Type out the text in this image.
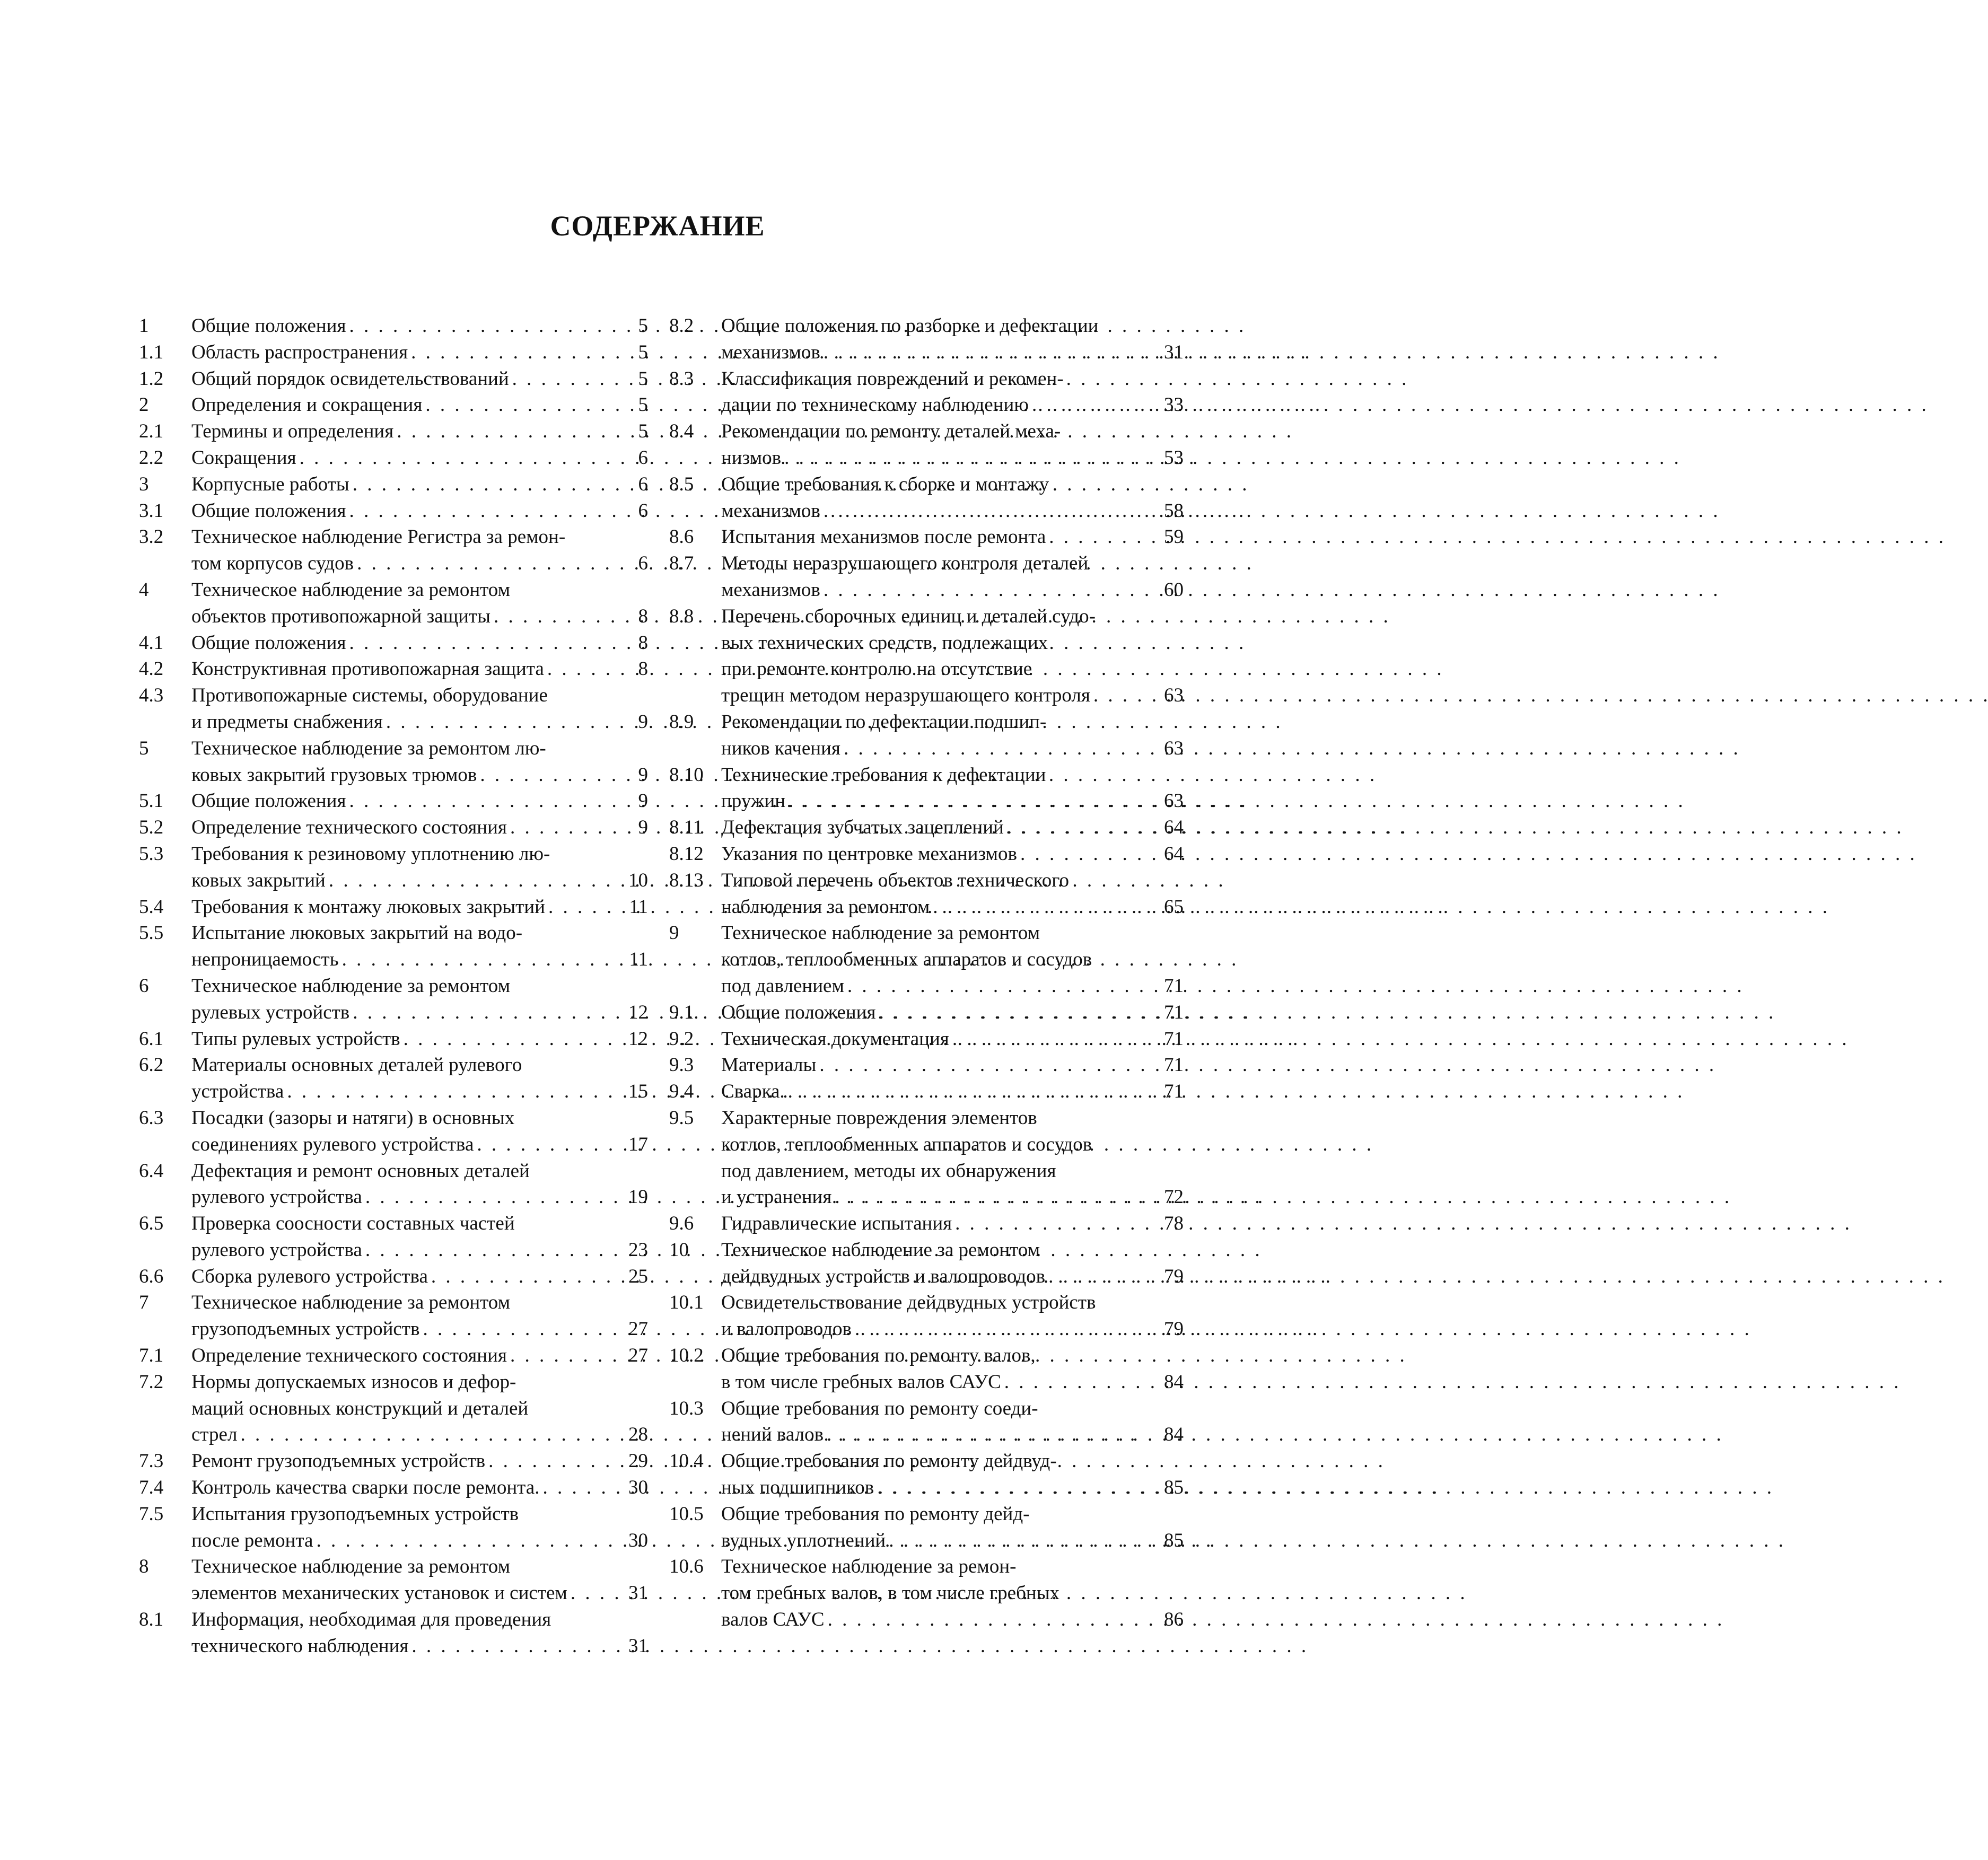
СОДЕРЖАНИЕ
1 Общие положения . . .	5
1.1 Область распространения . . .	5
1.2 Общий порядок освидетельствований . . .	5
2 Определения и сокращения . . .	5
2.1 Термины и определения . . .	5
2.2 Сокращения . . .	6
3 Корпусные работы . . .	6
3.1 Общие положения . . .	6
3.2 Техническое наблюдение Регистра за ремон-
том корпусов судов . . .	6
4 Техническое наблюдение за ремонтом
объектов противопожарной защиты . . .	8
4.1 Общие положения . . .	8
4.2 Конструктивная противопожарная защита . . .	8
4.3 Противопожарные системы, оборудование
и предметы снабжения . . .	9
5 Техническое наблюдение за ремонтом лю-
ковых закрытий грузовых трюмов . . .	9
5.1 Общие положения . . .	9
5.2 Определение технического состояния . . .	9
5.3 Требования к резиновому уплотнению лю-
ковых закрытий . . .	10
5.4 Требования к монтажу люковых закрытий . . .	11
5.5 Испытание люковых закрытий на водо-
непроницаемость . . .	11
6 Техническое наблюдение за ремонтом
рулевых устройств . . .	12
6.1 Типы рулевых устройств . . .	12
6.2 Материалы основных деталей рулевого
устройства . . .	15
6.3 Посадки (зазоры и натяги) в основных
соединениях рулевого устройства . . .	17
6.4 Дефектация и ремонт основных деталей
рулевого устройства . . .	19
6.5 Проверка соосности составных частей
рулевого устройства . . .	23
6.6 Сборка рулевого устройства . . .	25
7 Техническое наблюдение за ремонтом
грузоподъемных устройств . . .	27
7.1 Определение технического состояния . . .	27
7.2 Нормы допускаемых износов и дефор-
маций основных конструкций и деталей
стрел . . .	28
7.3 Ремонт грузоподъемных устройств . . .	29
7.4 Контроль качества сварки после ремонта. . . .	30
7.5 Испытания грузоподъемных устройств
после ремонта . . .	30
8 Техническое наблюдение за ремонтом
элементов механических установок и систем . . .	31
8.1 Информация, необходимая для проведения
технического наблюдения . . .	31
8.2 Общие положения по разборке и дефектации
механизмов . . .	31
8.3 Классификация повреждений и рекомен-
дации по техническому наблюдению . . .	33
8.4 Рекомендации по ремонту деталей меха-
низмов . . .	53
8.5 Общие требования к сборке и монтажу
механизмов . . .	58
8.6 Испытания механизмов после ремонта . . .	59
8.7 Методы неразрушающего контроля деталей
механизмов . . .	60
8.8 Перечень сборочных единиц и деталей судо-
вых технических средств, подлежащих
при ремонте контролю на отсутствие
трещин методом неразрушающего контроля . . .	63
8.9 Рекомендации по дефектации подшип-
ников качения . . .	63
8.10 Технические требования к дефектации
пружин . . .	63
8.11 Дефектация зубчатых зацеплений . . .	64
8.12 Указания по центровке механизмов . . .	64
8.13 Типовой перечень объектов технического
наблюдения за ремонтом . . .	65
9 Техническое наблюдение за ремонтом
котлов, теплообменных аппаратов и сосудов
под давлением . . .	71
9.1. Общие положения . . .	71
9.2 Техническая документация . . .	71
9.3 Материалы . . .	71
9.4 Сварка. . . .	71
9.5 Характерные повреждения элементов
котлов, теплообменных аппаратов и сосудов
под давлением, методы их обнаружения
и устранения . . .	72
9.6 Гидравлические испытания . . .	78
10 Техническое наблюдение за ремонтом
дейдвудных устройств и валопроводов . . .	79
10.1 Освидетельствование дейдвудных устройств
и валопроводов . . .	79
10.2 Общие требования по ремонту валов,
в том числе гребных валов САУС . . .	84
10.3 Общие требования по ремонту соеди-
нений валов . . .	84
10.4 Общие требования по ремонту дейдвуд-
ных подшипников . . .	85
10.5 Общие требования по ремонту дейд-
вудных уплотнений . . .	85
10.6 Техническое наблюдение за ремон-
том гребных валов, в том числе гребных
валов САУС . . .	86
